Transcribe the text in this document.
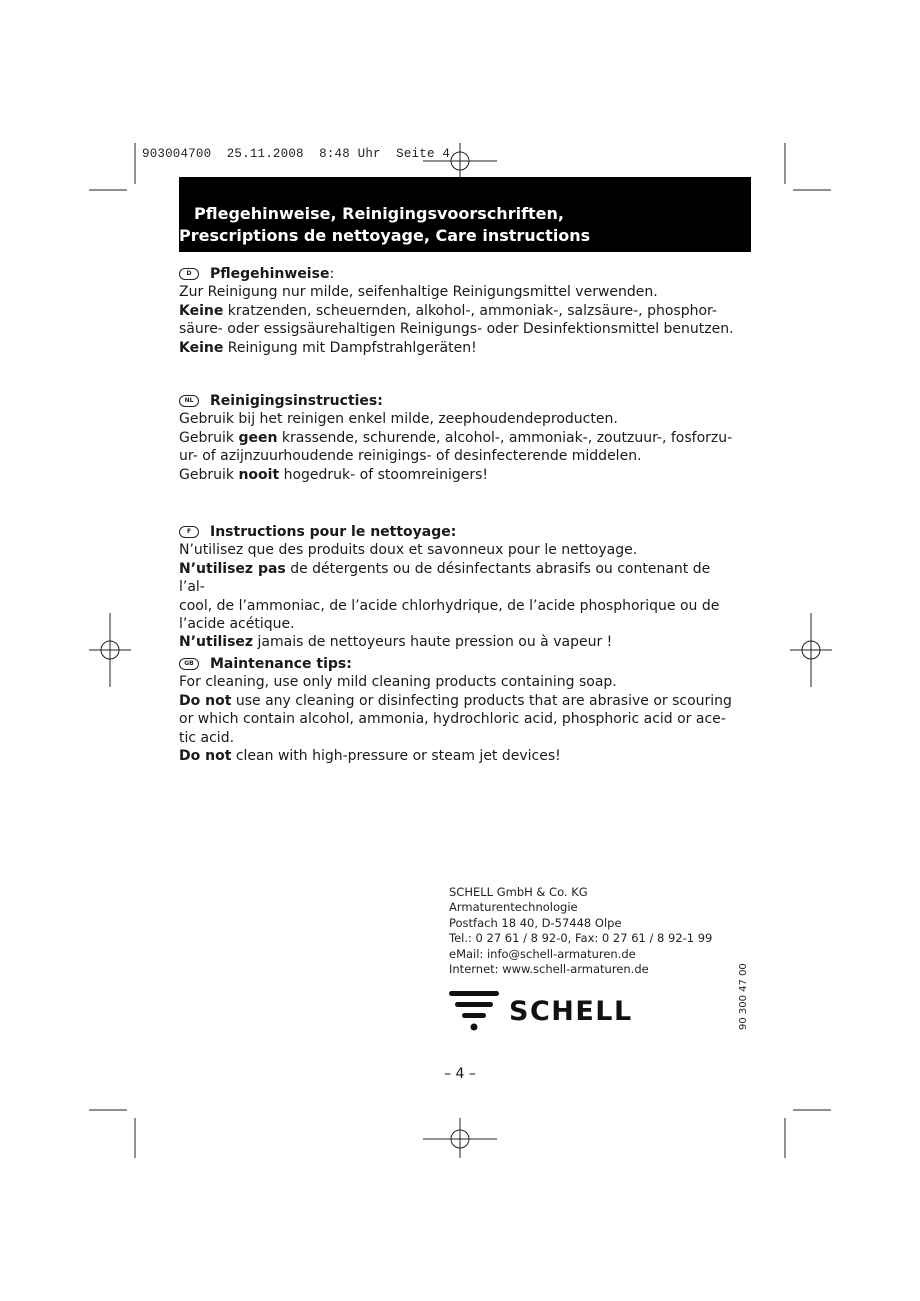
903004700  25.11.2008  8:48 Uhr  Seite 4
Pflegehinweise, Reinigingsvoorschriften,
Prescriptions de nettoyage, Care instructions
D	Pflegehinweise :

Zur Reinigung nur milde, seifenhaltige Reinigungsmittel verwenden.

Keine kratzenden, scheuernden, alkohol-, ammoniak-, salzsäure-, phosphor-

säure- oder essigsäurehaltigen Reinigungs- oder Desinfektionsmittel benutzen.

Keine Reinigung mit Dampfstrahlgeräten!

NL	Reinigingsinstructies:

Gebruik bij het reinigen enkel milde, zeephoudendeproducten.

Gebruik geen krassende, schurende, alcohol-, ammoniak-, zoutzuur-, fosforzu-

ur- of azijnzuurhoudende reinigings- of desinfecterende middelen.

Gebruik nooit hogedruk- of stoomreinigers!

F	Instructions pour le nettoyage:

N’utilisez que des produits doux et savonneux pour le nettoyage.

N’utilisez pas de détergents ou de désinfectants abrasifs ou contenant de l’al-

cool, de l’ammoniac, de l’acide chlorhydrique, de l’acide phosphorique ou de

l’acide acétique.

N’utilisez jamais de nettoyeurs haute pression ou à vapeur !

GB	Maintenance tips:

For cleaning, use only mild cleaning products containing soap.

Do not use any cleaning or disinfecting products that are abrasive or scouring

or which contain alcohol, ammonia, hydrochloric acid, phosphoric acid or ace-

tic acid.

Do not clean with high-pressure or steam jet devices!

SCHELL GmbH & Co. KG
Armaturentechnologie
Postfach 18 40, D-57448 Olpe
Tel.: 0 27 61 / 8 92-0, Fax: 0 27 61 / 8 92-1 99
eMail: info@schell-armaturen.de
Internet: www.schell-armaturen.de
SCHELL	90 300 47 00
– 4 –
